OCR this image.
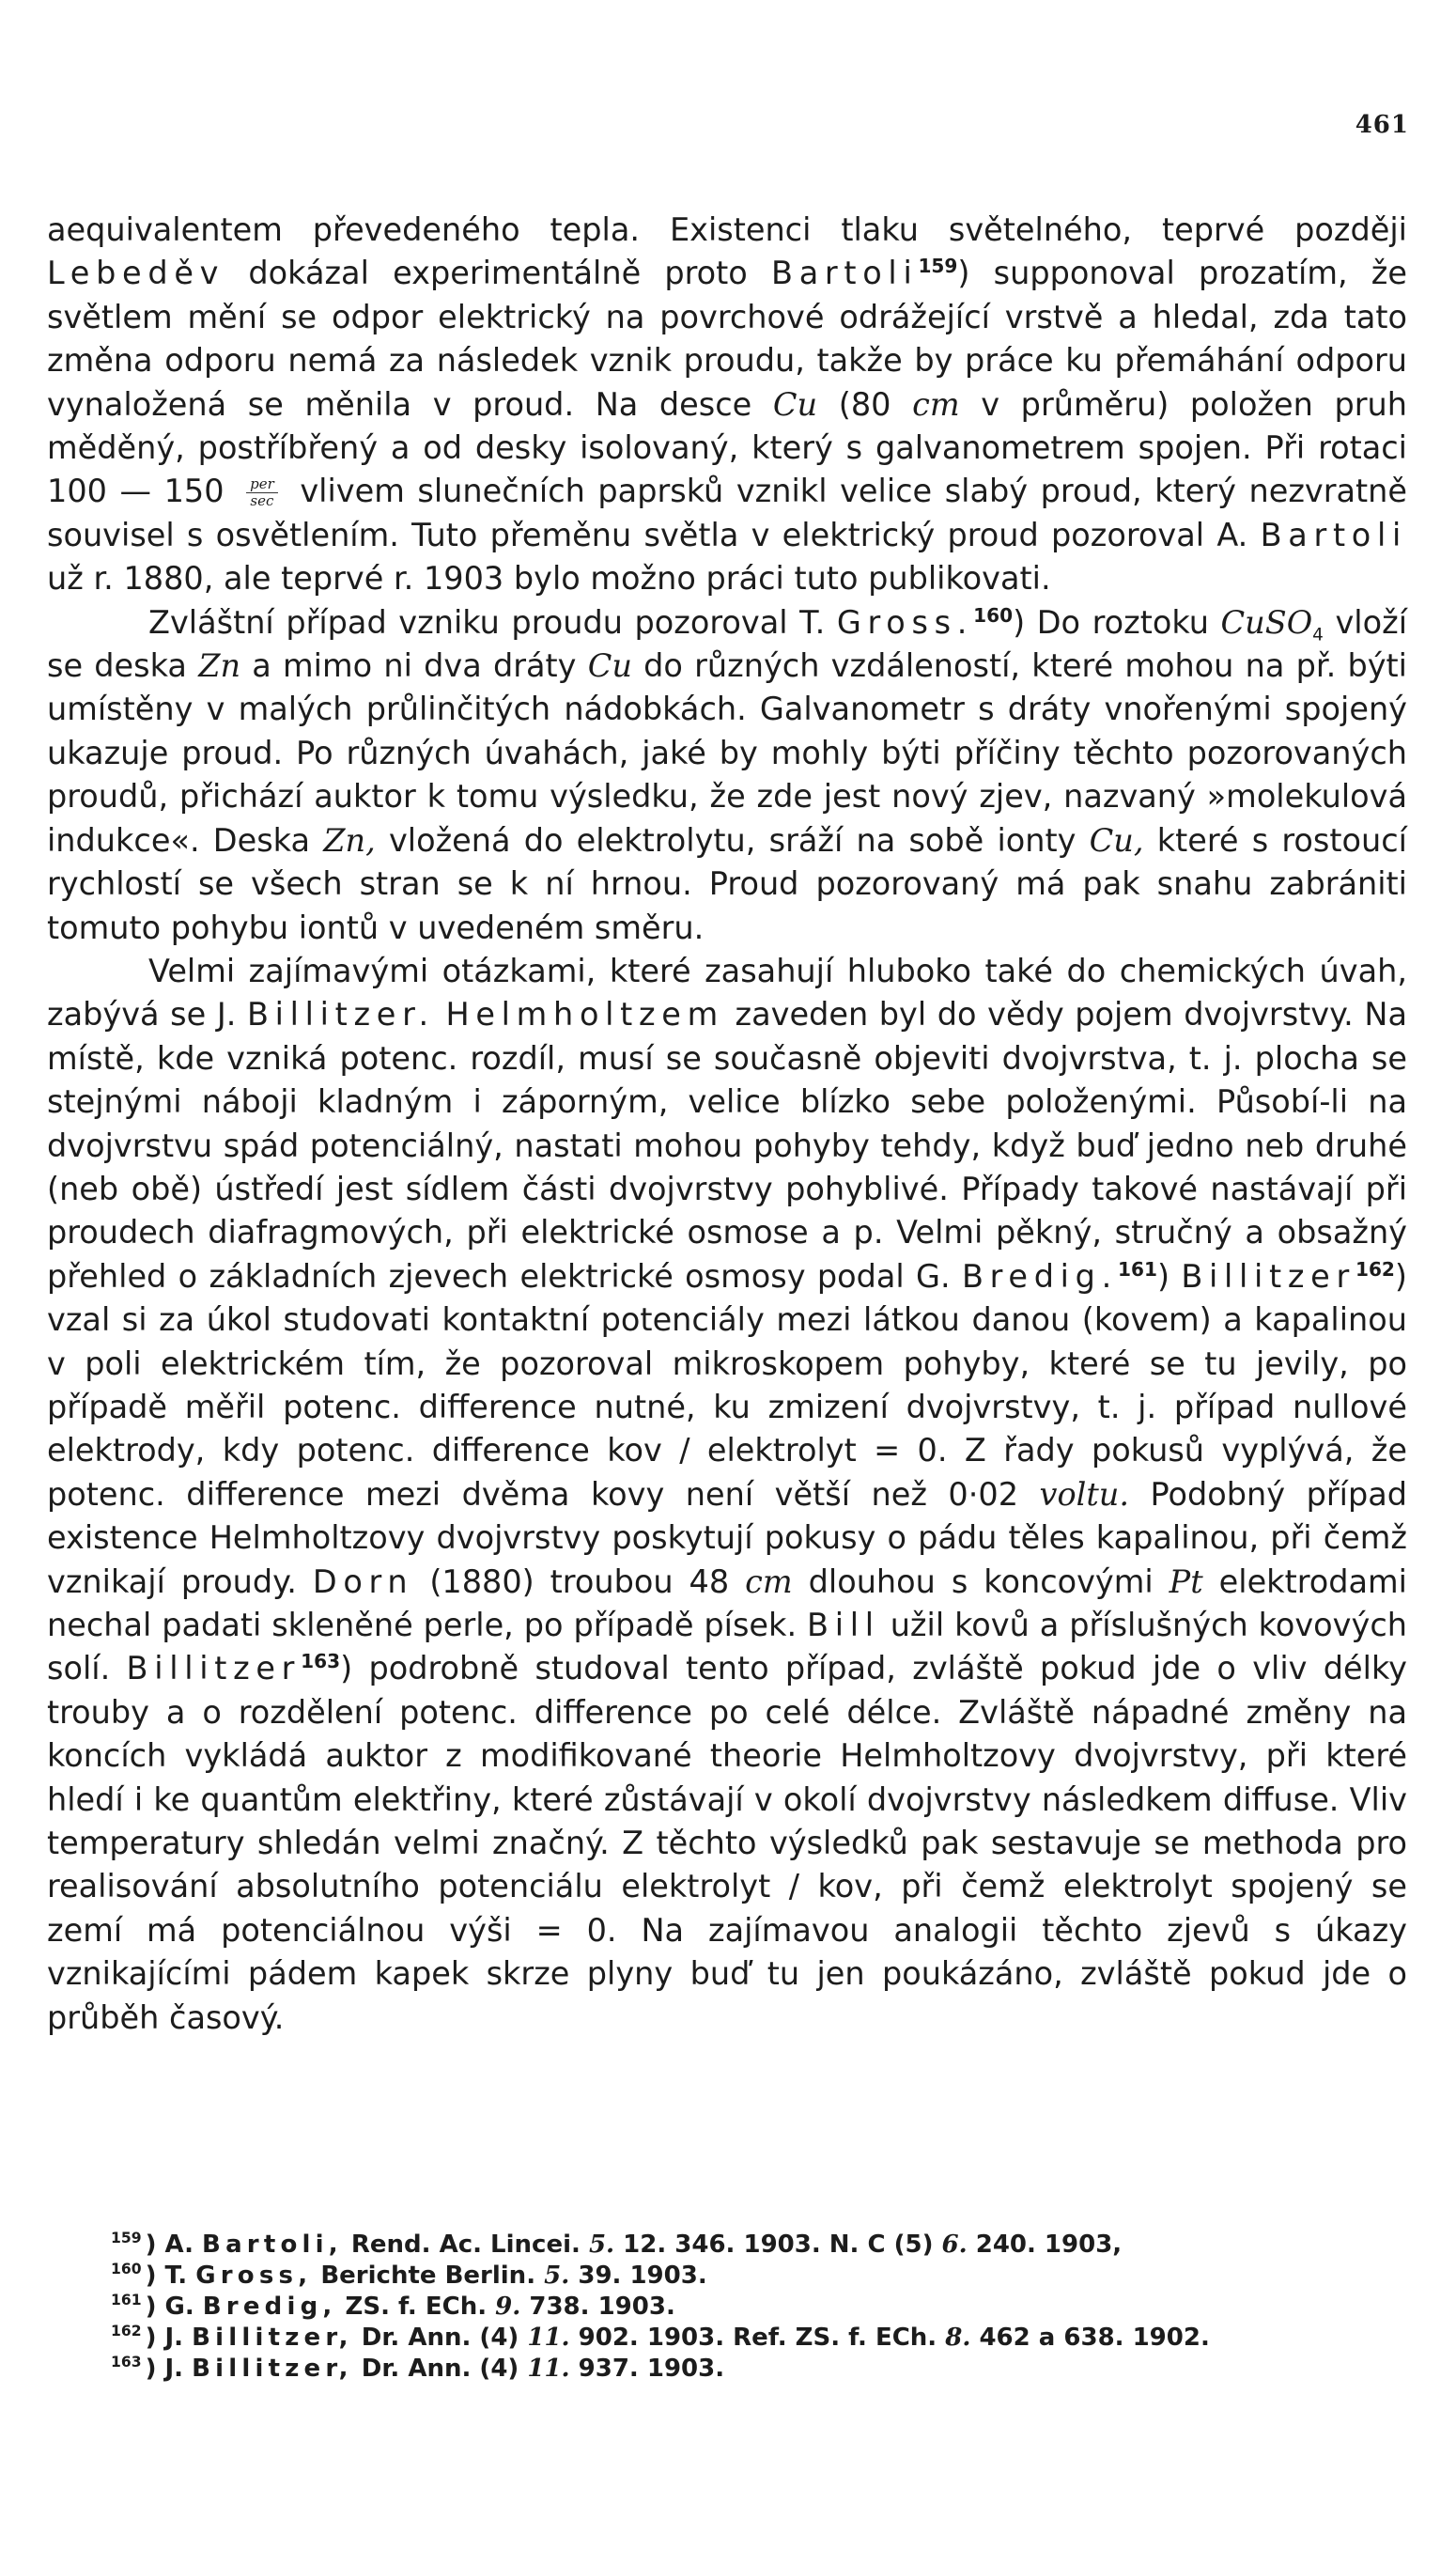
461

aequivalentem převedeného tepla. Existenci tlaku světelného, teprvé později Lebeděv dokázal experimentálně proto Bartoli$^{159}$) supponoval prozatím, že světlem mění se odpor elektrický na povrchové odrážející vrstvě a hledal, zda tato změna odporu nemá za následek vznik proudu, takže by práce ku přemáhání odporu vynaložená se měnila v proud. Na desce Cu (80 cm v průměru) položen pruh měděný, postříbřený a od desky isolovaný, který s galvanometrem spojen. Při rotaci 100 — $150 \frac{\text{per}}{\sec}$ vlivem slunečních paprsků vznikl velice slabý proud, který nezvratně souvisel s osvětlením. Tuto přeměnu světla v elektrický proud pozoroval A. Bartoli už r. 1880, ale teprvé r. 1903 bylo možno práci tuto publikovati.

Zvláštní případ vzniku proudu pozoroval T. Gross.$^{160}$) Do roztoku CuSO$_4$ vloží se deska Zn a mimo ni dva dráty Cu do různých vzdáleností, které mohou na př. býti umístěny v malých průlinčitých nádobkách. Galvanometr s dráty vnořenými spojený ukazuje proud. Po různých úvahách, jaké by mohly býti příčiny těchto pozorovaných proudů, přichází auktor k tomu výsledku, že zde jest nový zjev, nazvaný »molekulová indukce«. Deska Zn, vložená do elektrolytu, sráží na sobě ionty Cu, které s rostoucí rychlostí se všech stran se k ní hrnou. Proud pozorovaný má pak snahu zabrániti tomuto pohybu iontů v uvedeném směru.

Velmi zajímavými otázkami, které zasahují hluboko také do chemických úvah, zabývá se J. Billitzer. Helmholtzem zaveden byl do vědy pojem dvojvrstvy. Na místě, kde vzniká potenc. rozdíl, musí se současně objeviti dvojvrstva, t. j. plocha se stejnými náboji kladným i záporným, velice blízko sebe položenými. Působí-li na dvojvrstvu spád potenciálný, nastati mohou pohyby tehdy, když buď jedno neb druhé (neb obě) ústředí jest sídlem části dvojvrstvy pohyblivé. Případy takové nastávají při proudech diafragmových, při elektrické osmose a p. Velmi pěkný, stručný a obsažný přehled o základních zjevech elektrické osmosy podal G. Bredig.$^{161}$) Billitzer$^{162}$) vzal si za úkol studovati kontaktní potenciály mezi látkou danou (kovem) a kapalinou v poli elektrickém tím, že pozoroval mikroskopem pohyby, které se tu jevily, po případě měřil potenc. difference nutné, ku zmizení dvojvrstvy, t. j. případ nullové elektrody, kdy potenc. difference kov / elektrolyt = 0. Z řady pokusů vyplývá, že potenc. difference mezi dvěma kovy není větší než 0·02 voltu. Podobný případ existence Helmholtzovy dvojvrstvy poskytují pokusy o pádu těles kapalinou, při čemž vznikají proudy. Dorn (1880) troubou 48 cm dlouhou s koncovými Pt elektrodami nechal padati skleněné perle, po případě písek. Bill užil kovů a příslušných kovových solí. Billitzer$^{163}$) podrobně studoval tento případ, zvláště pokud jde o vliv délky trouby a o rozdělení potenc. difference po celé délce. Zvláště nápadné změny na koncích vykládá auktor z modifikované theorie Helmholtzovy dvojvrstvy, při které hledí i ke quantům elektřiny, které zůstávají v okolí dvojvrstvy následkem diffuse. Vliv temperatury shledán velmi značný. Z těchto výsledků pak sestavuje se methoda pro realisování absolutního potenciálu elektrolyt / kov, při čemž elektrolyt spojený se zemí má potenciálnou výši = 0. Na zajímavou analogii těchto zjevů s úkazy vznikajícími pádem kapek skrze plyny buď tu jen poukázáno, zvláště pokud jde o průběh časový.

$^{159}$ ) A. Bartoli, Rend. Ac. Lincei. 5. 12. 346. 1903. N. C (5) 6. 240. 1903,
$^{160}$ ) T. Gross, Berichte Berlin. 5. 39. 1903.
$^{161}$ ) G. Bredig, ZS. f. ECh. 9. 738. 1903.
$^{162}$ ) J. Billitzer, Dr. Ann. (4) 11. 902. 1903. Ref. ZS. f. ECh. 8. 462 a 638. 1902.
$^{163}$ ) J. Billitzer, Dr. Ann. (4) 11. 937. 1903.
